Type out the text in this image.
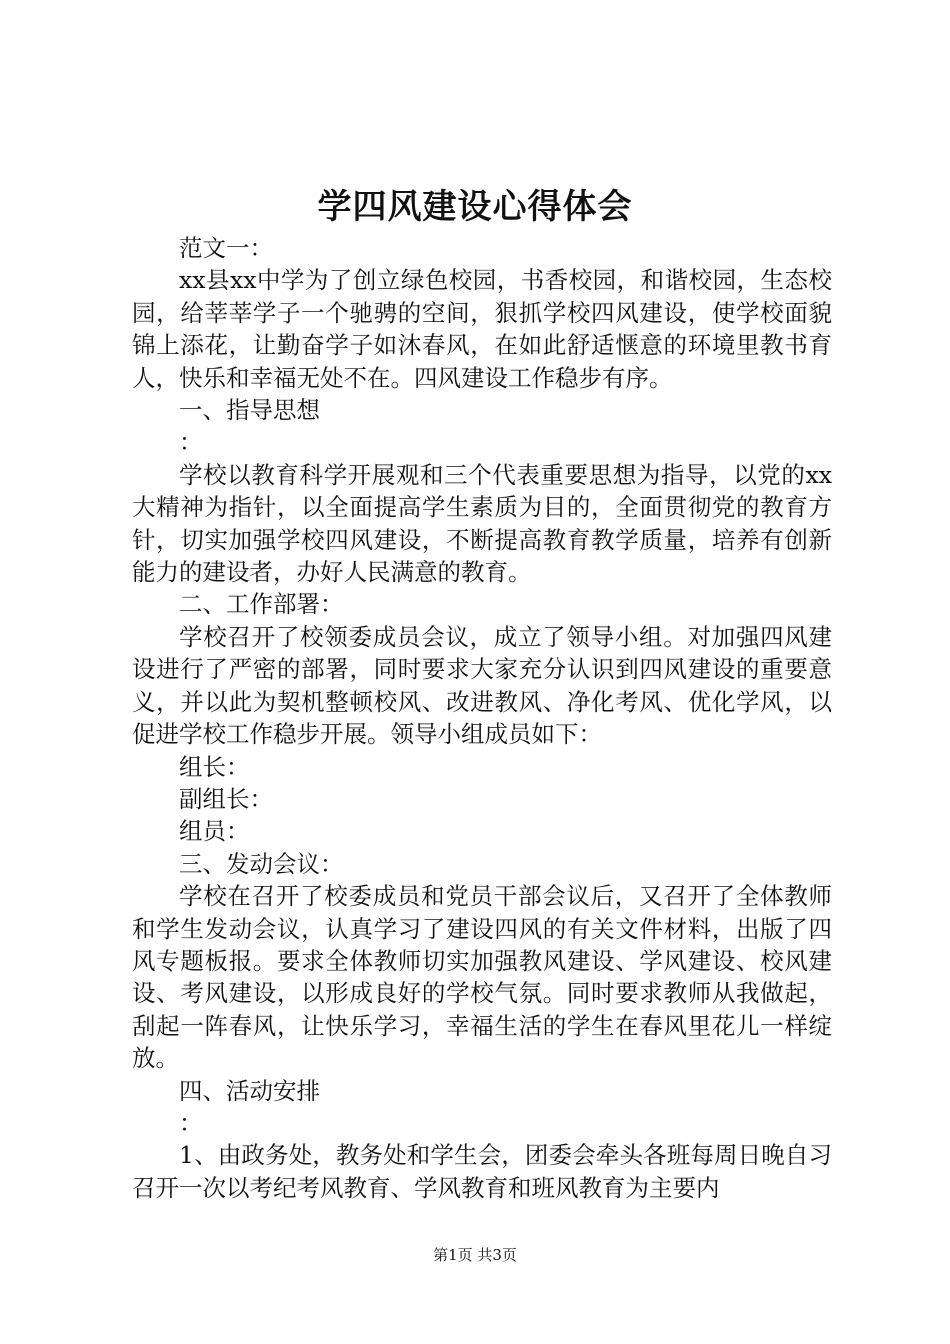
学四风建设心得体会

范文一：

xx县xx中学为了创立绿色校园，书香校园，和谐校园，生态校园，给莘莘学子一个驰骋的空间，狠抓学校四风建设，使学校面貌锦上添花，让勤奋学子如沐春风，在如此舒适惬意的环境里教书育人，快乐和幸福无处不在。四风建设工作稳步有序。

一、指导思想

：

学校以教育科学开展观和三个代表重要思想为指导，以党的xx大精神为指针，以全面提高学生素质为目的，全面贯彻党的教育方针，切实加强学校四风建设，不断提高教育教学质量，培养有创新能力的建设者，办好人民满意的教育。

二、工作部署：

学校召开了校领委成员会议，成立了领导小组。对加强四风建设进行了严密的部署，同时要求大家充分认识到四风建设的重要意义，并以此为契机整顿校风、改进教风、净化考风、优化学风，以促进学校工作稳步开展。领导小组成员如下：

组长：

副组长：

组员：

三、发动会议：

学校在召开了校委成员和党员干部会议后，又召开了全体教师和学生发动会议，认真学习了建设四风的有关文件材料，出版了四风专题板报。要求全体教师切实加强教风建设、学风建设、校风建设、考风建设，以形成良好的学校气氛。同时要求教师从我做起，刮起一阵春风，让快乐学习，幸福生活的学生在春风里花儿一样绽放。

四、活动安排

：

1、由政务处，教务处和学生会，团委会牵头各班每周日晚自习召开一次以考纪考风教育、学风教育和班风教育为主要内

第1页 共3页
